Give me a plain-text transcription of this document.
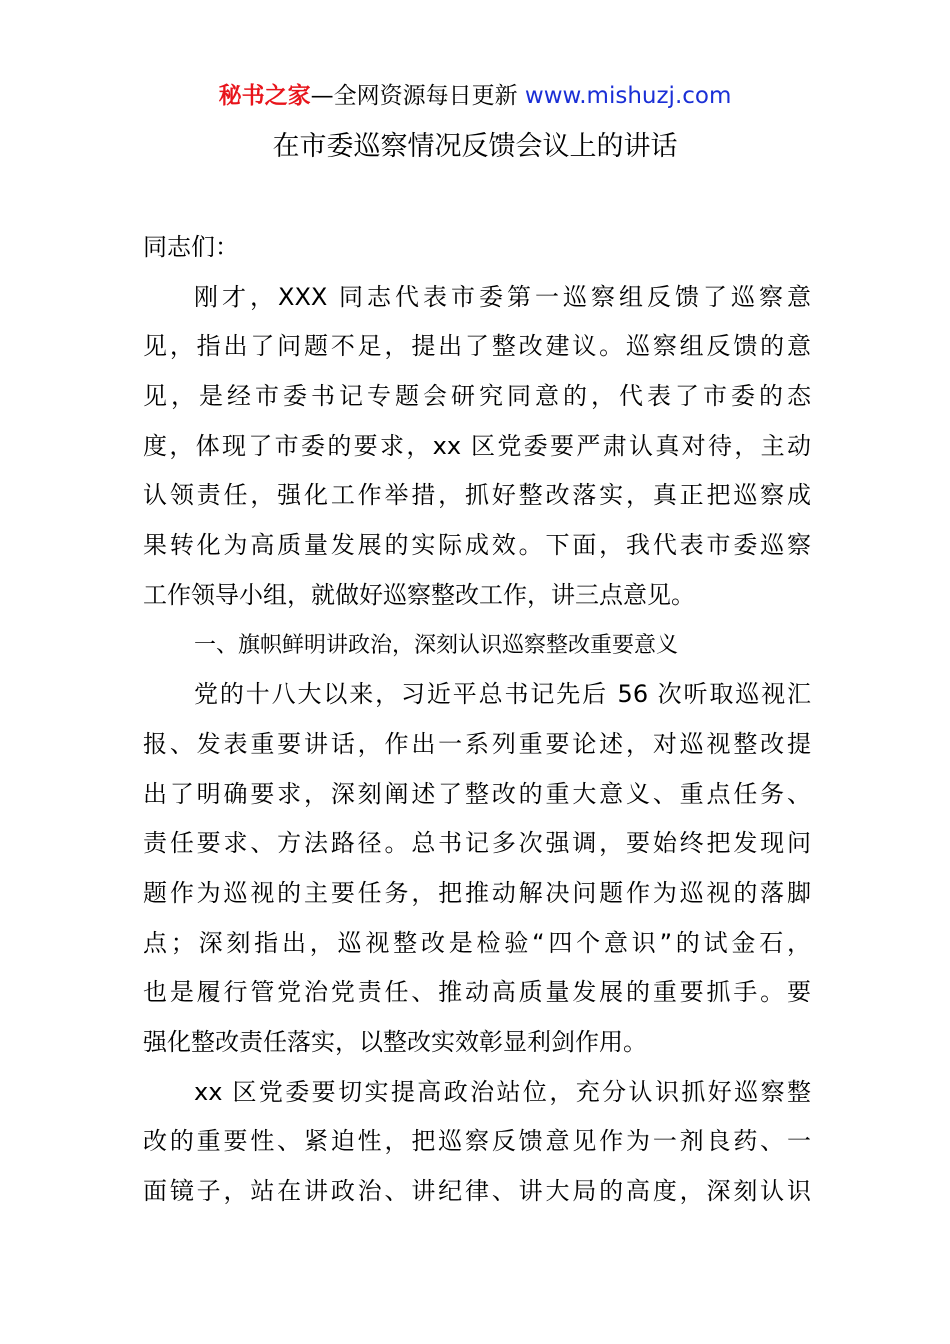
秘书之家—全网资源每日更新 www.mishuzj.com
在市委巡察情况反馈会议上的讲话
同志们：
刚才，XXX 同志代表市委第一巡察组反馈了巡察意
见，指出了问题不足，提出了整改建议。巡察组反馈的意
见，是经市委书记专题会研究同意的，代表了市委的态
度，体现了市委的要求，xx 区党委要严肃认真对待，主动
认领责任，强化工作举措，抓好整改落实，真正把巡察成
果转化为高质量发展的实际成效。下面，我代表市委巡察
工作领导小组，就做好巡察整改工作，讲三点意见。
一、旗帜鲜明讲政治，深刻认识巡察整改重要意义
党的十八大以来，习近平总书记先后 56 次听取巡视汇
报、发表重要讲话，作出一系列重要论述，对巡视整改提
出了明确要求，深刻阐述了整改的重大意义、重点任务、
责任要求、方法路径。总书记多次强调，要始终把发现问
题作为巡视的主要任务，把推动解决问题作为巡视的落脚
点；深刻指出，巡视整改是检验“四个意识”的试金石，
也是履行管党治党责任、推动高质量发展的重要抓手。要
强化整改责任落实，以整改实效彰显利剑作用。
xx 区党委要切实提高政治站位，充分认识抓好巡察整
改的重要性、紧迫性，把巡察反馈意见作为一剂良药、一
面镜子，站在讲政治、讲纪律、讲大局的高度，深刻认识
